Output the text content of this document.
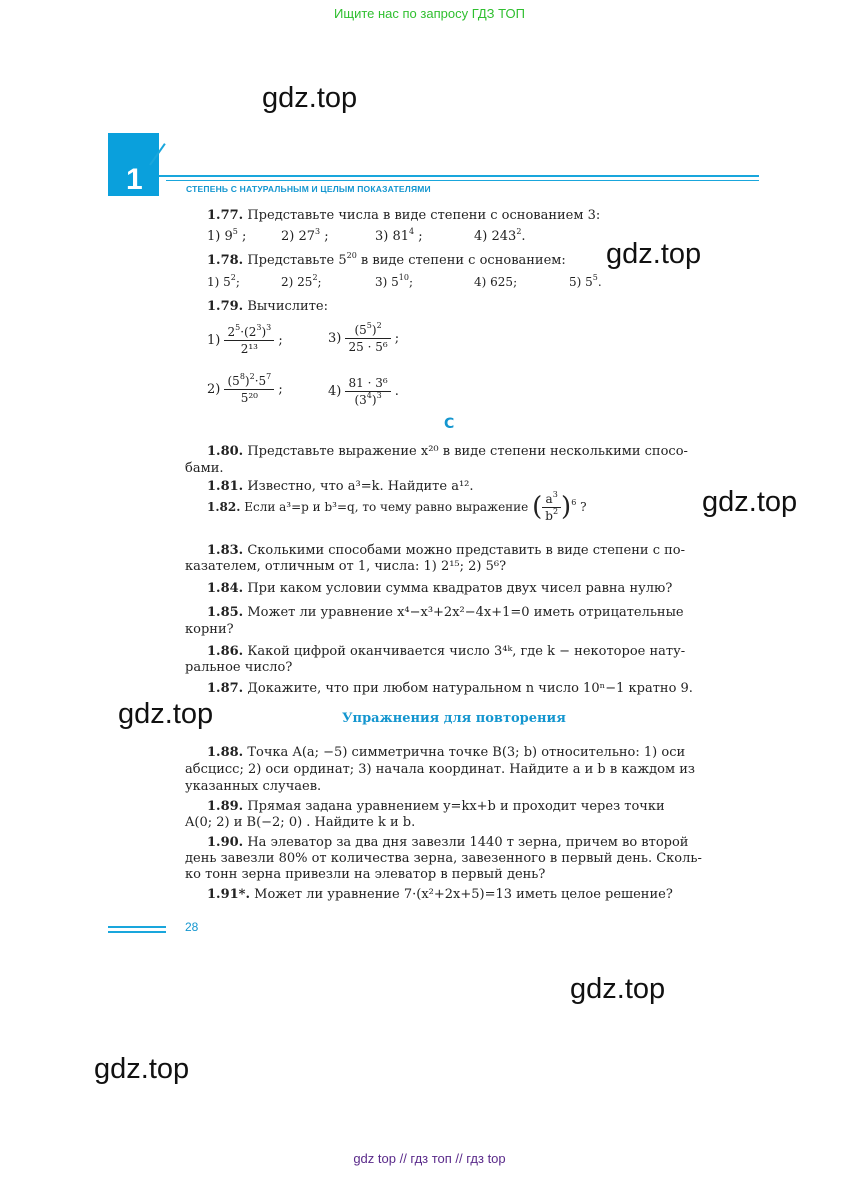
Ищите нас по запросу ГДЗ ТОП
gdz.top
gdz.top
gdz.top
gdz.top
gdz.top
gdz.top
1	СТЕПЕНЬ С НАТУРАЛЬНЫМ И ЦЕЛЫМ ПОКАЗАТЕЛЯМИ
1.77. Представьте числа в виде степени с основанием 3:
1) $9^5$ ;	2) $27^3$ ;	3) $81^4$ ;	4) $243^2$.
1.78. Представьте $5^{20}$ в виде степени с основанием:
1) $5^2$;	2) $25^2$;	3) $5^{10}$;	4) 625;	5) $5^5$.
1.79. Вычислите:
$1) \frac{2^5\cdot(2^3)^3}{\text{2¹³}}$ ;	$3) \frac{(5^5)^2}{\text{25 · 5⁶}}$ ;
$2) \frac{(5^8)^2\cdot 5^7}{\text{5²⁰}}$ ;	$4) \frac{\text{81 · 3⁶}}{(3^4)^3}$ .
C
1.80. Представьте выражение x²⁰ в виде степени несколькими спосо-
бами.
1.81. Известно, что a³=k. Найдите a¹².
1.82. Если a³=p и b³=q, то чему равно выражение ( $\frac{a^3}{b^2} )^6$ ?
1.83. Сколькими способами можно представить в виде степени с по-
казателем, отличным от 1, числа: 1) 2¹⁵; 2) 5⁶?
1.84. При каком условии сумма квадратов двух чисел равна нулю?
1.85. Может ли уравнение x⁴−x³+2x²−4x+1=0 иметь отрицательные
корни?
1.86. Какой цифрой оканчивается число 3⁴ᵏ, где k − некоторое нату-
ральное число?
1.87. Докажите, что при любом натуральном n число 10ⁿ−1 кратно 9.
Упражнения для повторения
1.88. Точка A(a; −5) симметрична точке B(3; b) относительно: 1) оси
абсцисс; 2) оси ординат; 3) начала координат. Найдите a и b в каждом из
указанных случаев.
1.89. Прямая задана уравнением y=kx+b и проходит через точки
A(0; 2) и B(−2; 0) . Найдите k и b.
1.90. На элеватор за два дня завезли 1440 т зерна, причем во второй
день завезли 80% от количества зерна, завезенного в первый день. Сколь-
ко тонн зерна привезли на элеватор в первый день?
1.91*. Может ли уравнение 7·(x²+2x+5)=13 иметь целое решение?
28
gdz top // гдз топ // гдз top
